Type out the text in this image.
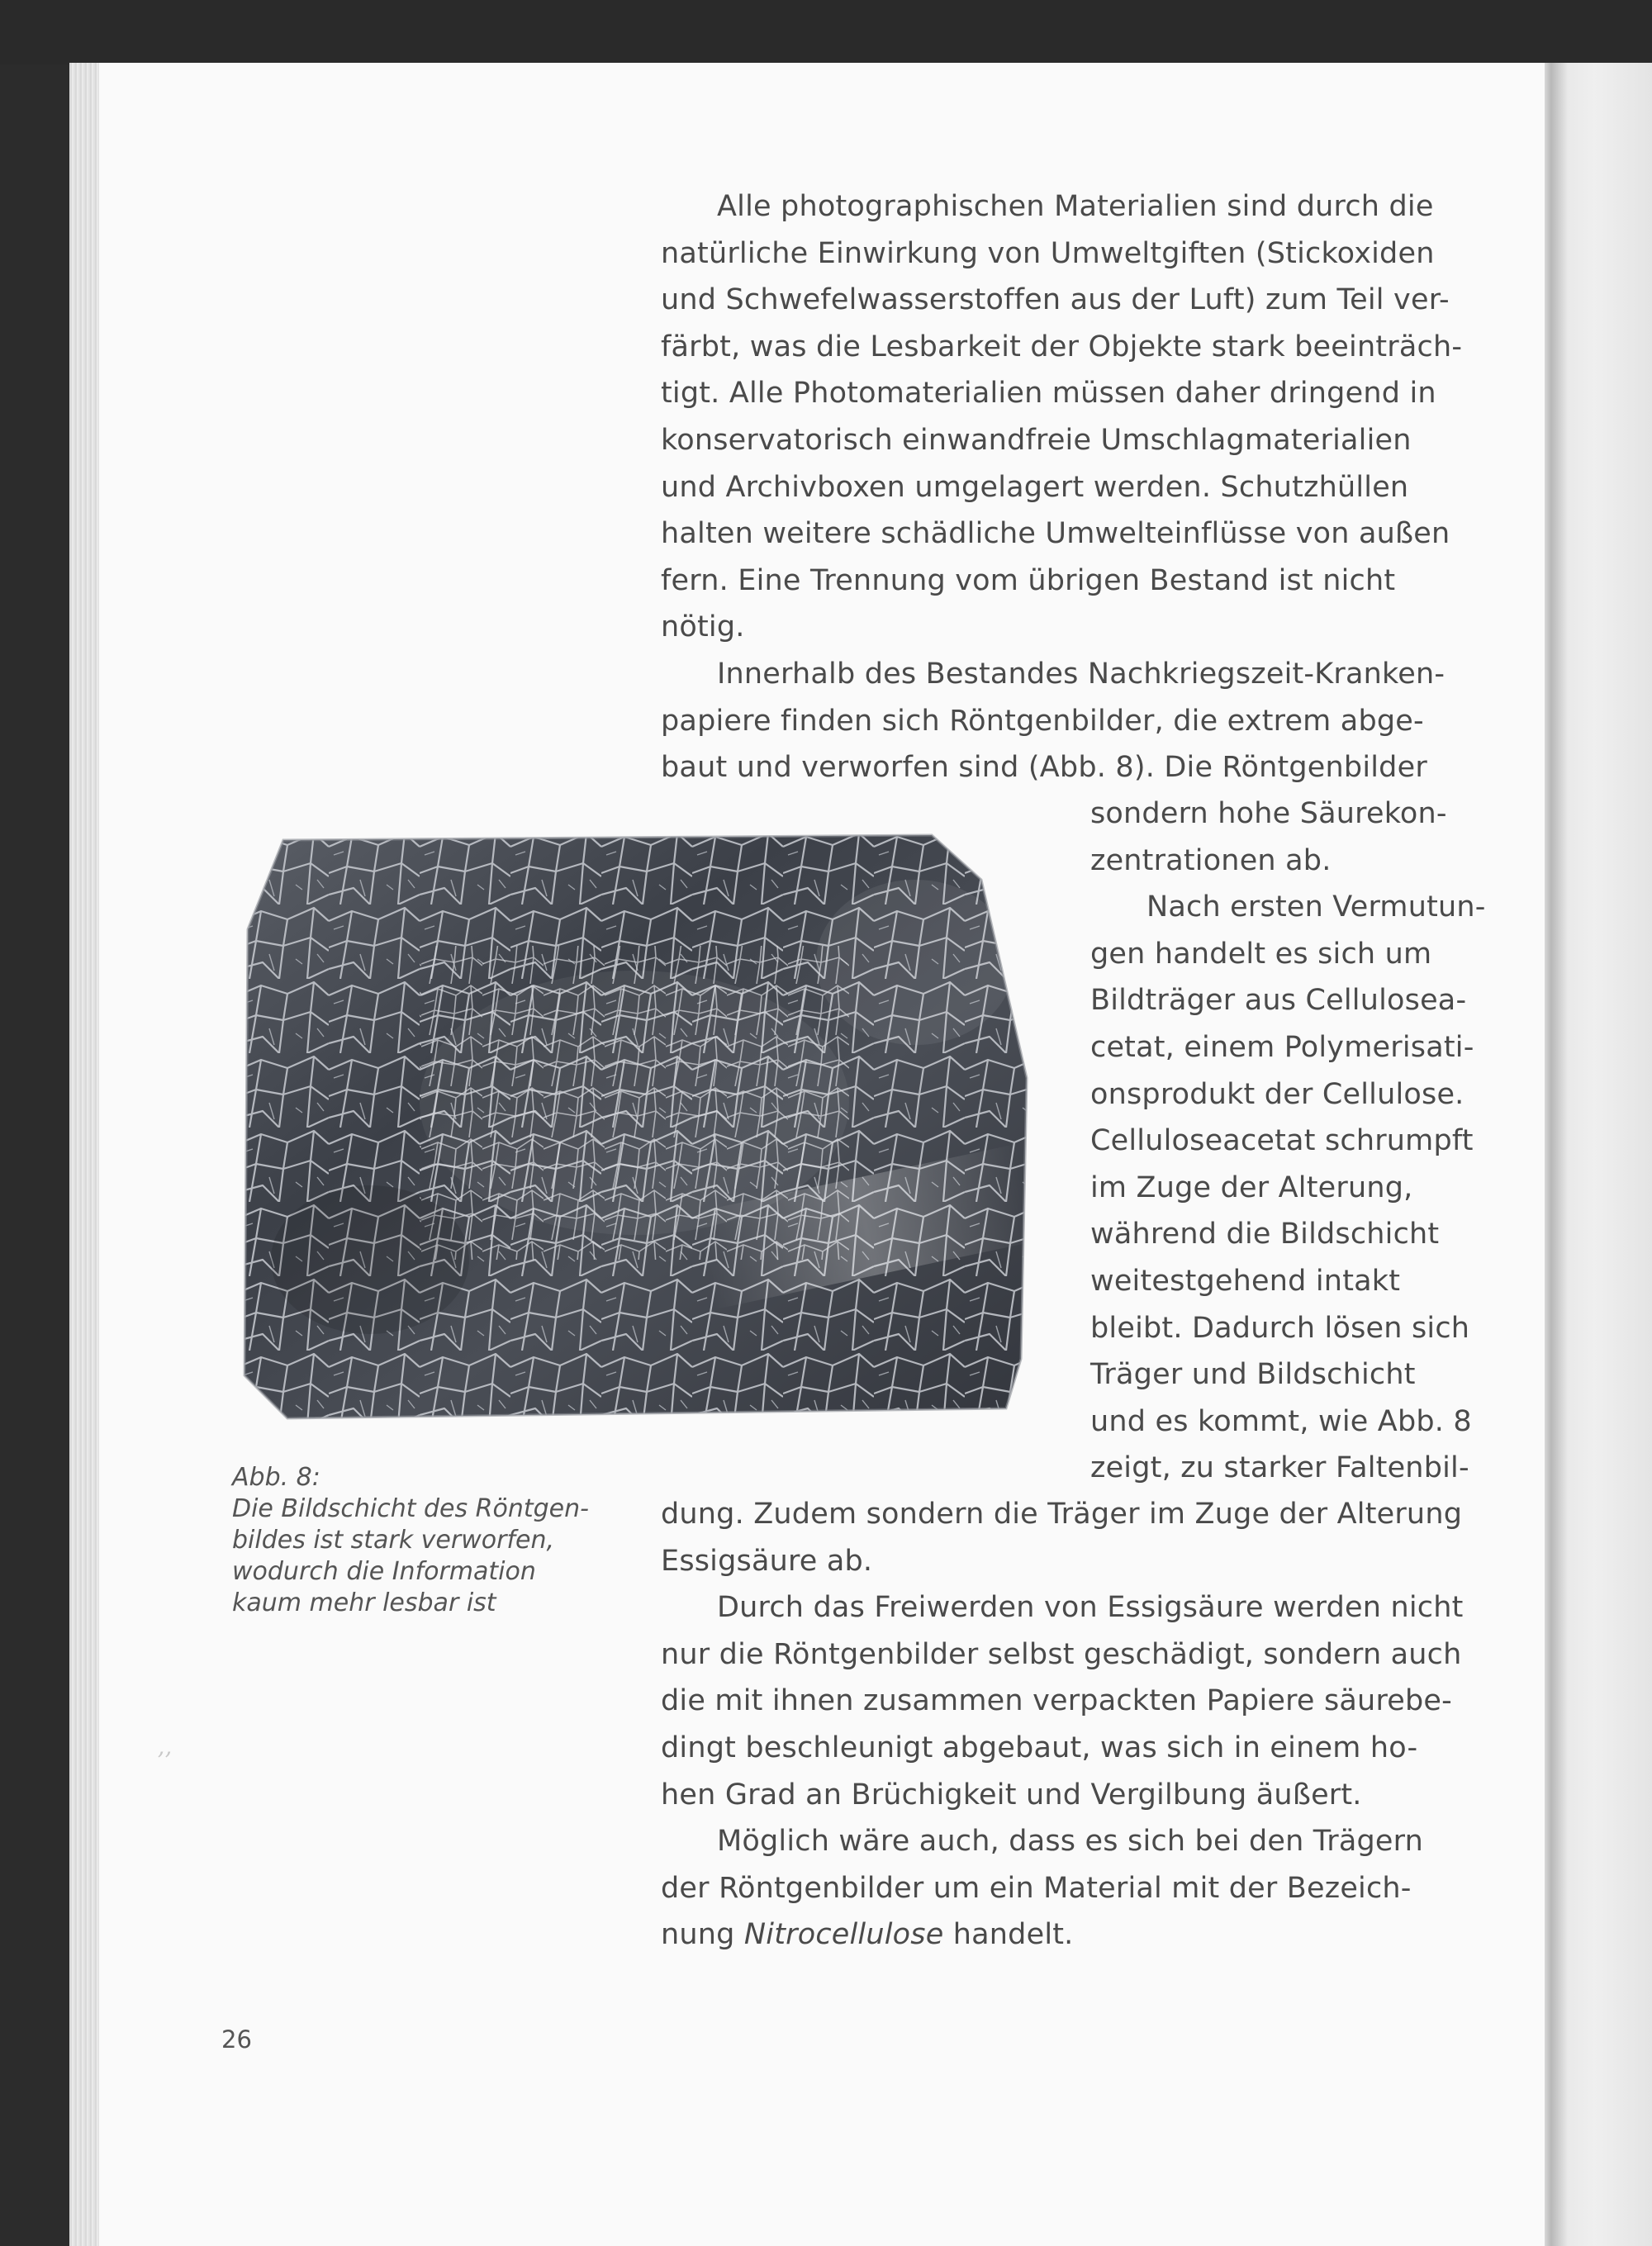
Alle photographischen Materialien sind durch die
natürliche Einwirkung von Umweltgiften (Stickoxiden
und Schwefelwasserstoffen aus der Luft) zum Teil ver-
färbt, was die Lesbarkeit der Objekte stark beeinträch-
tigt. Alle Photomaterialien müssen daher dringend in
konservatorisch einwandfreie Umschlagmaterialien
und Archivboxen umgelagert werden. Schutzhüllen
halten weitere schädliche Umwelteinflüsse von außen
fern. Eine Trennung vom übrigen Bestand ist nicht
nötig.
Innerhalb des Bestandes Nachkriegszeit-Kranken-
papiere finden sich Röntgenbilder, die extrem abge-
baut und verworfen sind (Abb. 8). Die Röntgenbilder
sondern hohe Säurekon-
zentrationen ab.
Nach ersten Vermutun-
gen handelt es sich um
Bildträger aus Cellulosea-
cetat, einem Polymerisati-
onsprodukt der Cellulose.
Celluloseacetat schrumpft
im Zuge der Alterung,
während die Bildschicht
weitestgehend intakt
bleibt. Dadurch lösen sich
Träger und Bildschicht
und es kommt, wie Abb. 8
zeigt, zu starker Faltenbil-
dung. Zudem sondern die Träger im Zuge der Alterung
Essigsäure ab.
Durch das Freiwerden von Essigsäure werden nicht
nur die Röntgenbilder selbst geschädigt, sondern auch
die mit ihnen zusammen verpackten Papiere säurebe-
dingt beschleunigt abgebaut, was sich in einem ho-
hen Grad an Brüchigkeit und Vergilbung äußert.
Möglich wäre auch, dass es sich bei den Trägern
der Röntgenbilder um ein Material mit der Bezeich-
nung Nitrocellulose handelt.
Abb. 8:
Die Bildschicht des Röntgen-
bildes ist stark verworfen,
wodurch die Information
kaum mehr lesbar ist
’’
26
